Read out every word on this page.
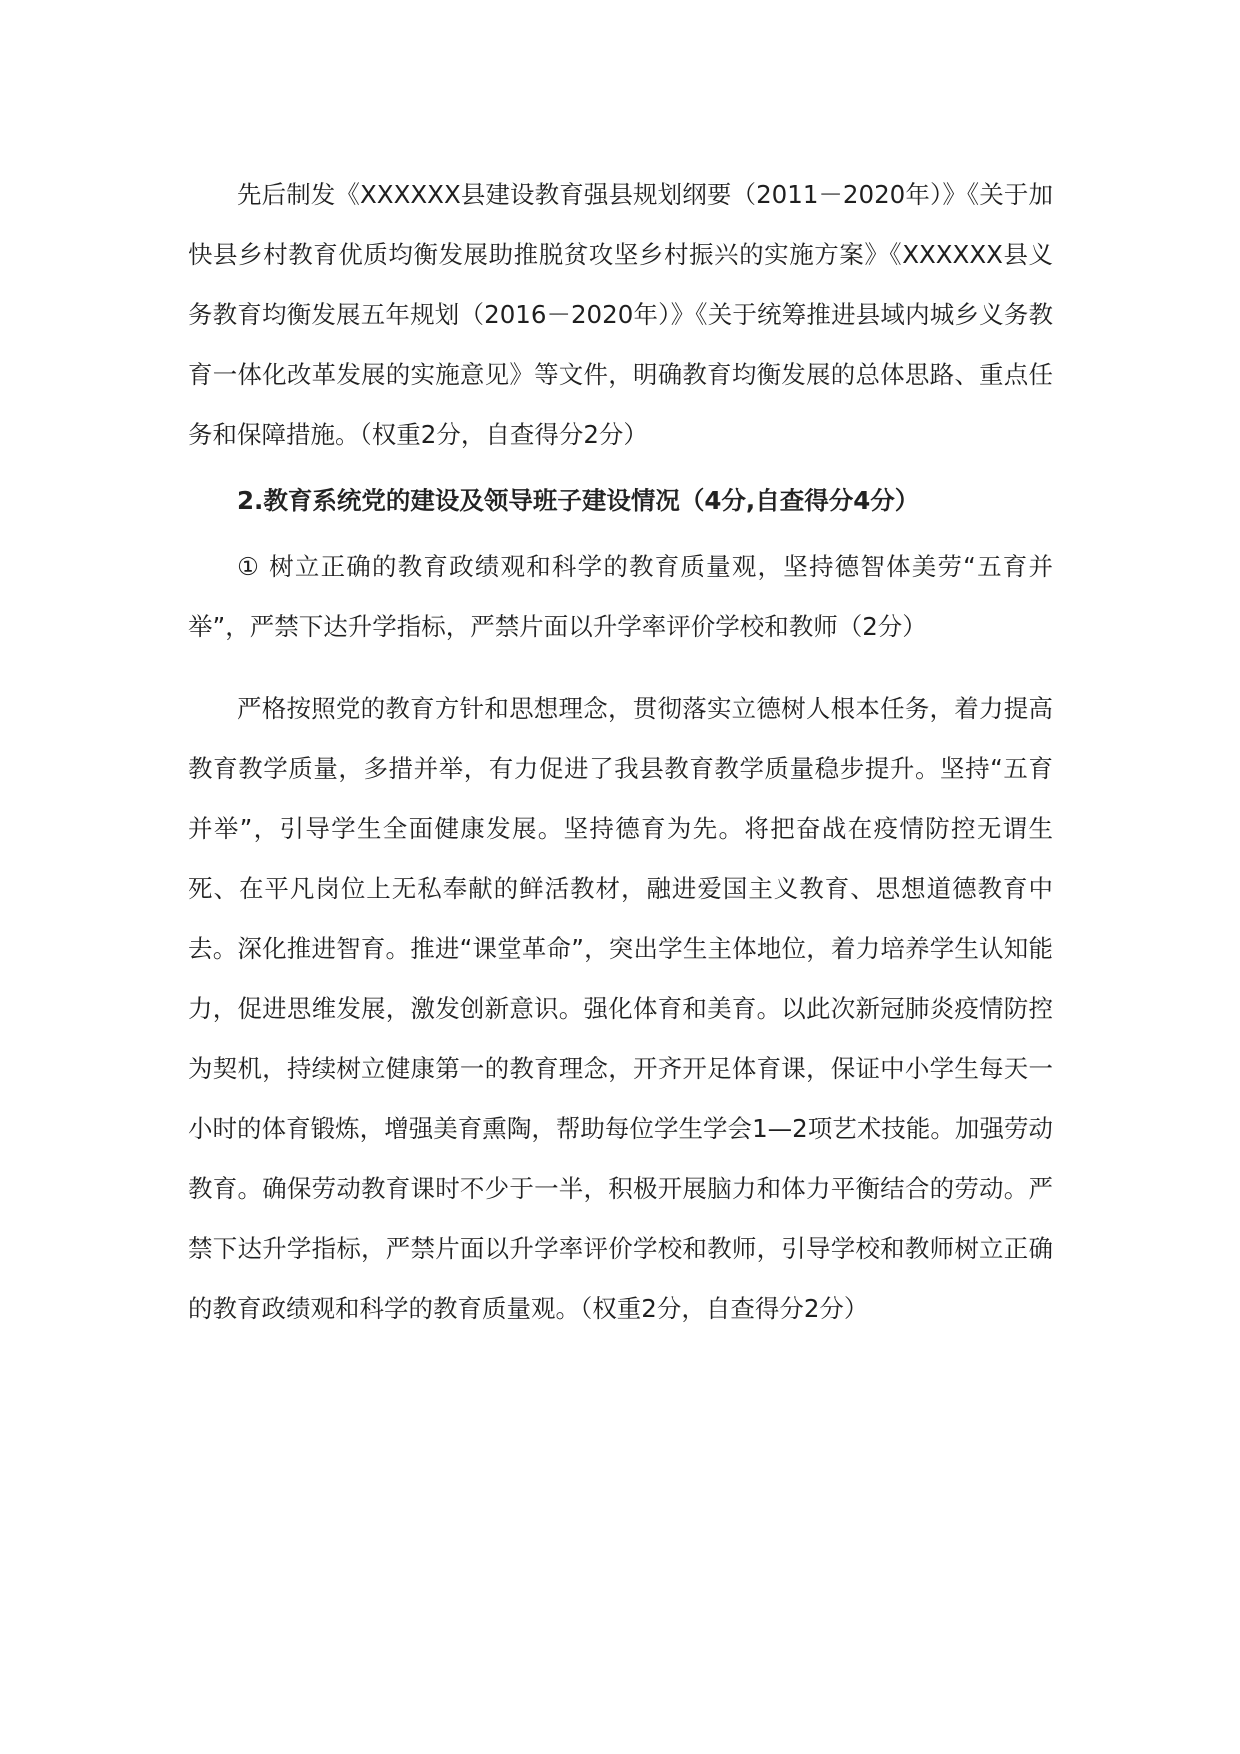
先后制发《XXXXXX县建设教育强县规划纲要（2011－2020年）》《关于加快县乡村教育优质均衡发展助推脱贫攻坚乡村振兴的实施方案》《XXXXXX县义务教育均衡发展五年规划（2016－2020年）》《关于统筹推进县域内城乡义务教育一体化改革发展的实施意见》等文件，明确教育均衡发展的总体思路、重点任务和保障措施。（权重2分，自查得分2分）

2.教育系统党的建设及领导班子建设情况（4分,自查得分4分）

① 树立正确的教育政绩观和科学的教育质量观，坚持德智体美劳“五育并举”，严禁下达升学指标，严禁片面以升学率评价学校和教师（2分）

严格按照党的教育方针和思想理念，贯彻落实立德树人根本任务，着力提高教育教学质量，多措并举，有力促进了我县教育教学质量稳步提升。坚持“五育并举”，引导学生全面健康发展。坚持德育为先。将把奋战在疫情防控无谓生死、在平凡岗位上无私奉献的鲜活教材，融进爱国主义教育、思想道德教育中去。深化推进智育。推进“课堂革命”，突出学生主体地位，着力培养学生认知能力，促进思维发展，激发创新意识。强化体育和美育。以此次新冠肺炎疫情防控为契机，持续树立健康第一的教育理念，开齐开足体育课，保证中小学生每天一小时的体育锻炼，增强美育熏陶，帮助每位学生学会1—2项艺术技能。加强劳动教育。确保劳动教育课时不少于一半，积极开展脑力和体力平衡结合的劳动。严禁下达升学指标，严禁片面以升学率评价学校和教师，引导学校和教师树立正确的教育政绩观和科学的教育质量观。（权重2分，自查得分2分）
